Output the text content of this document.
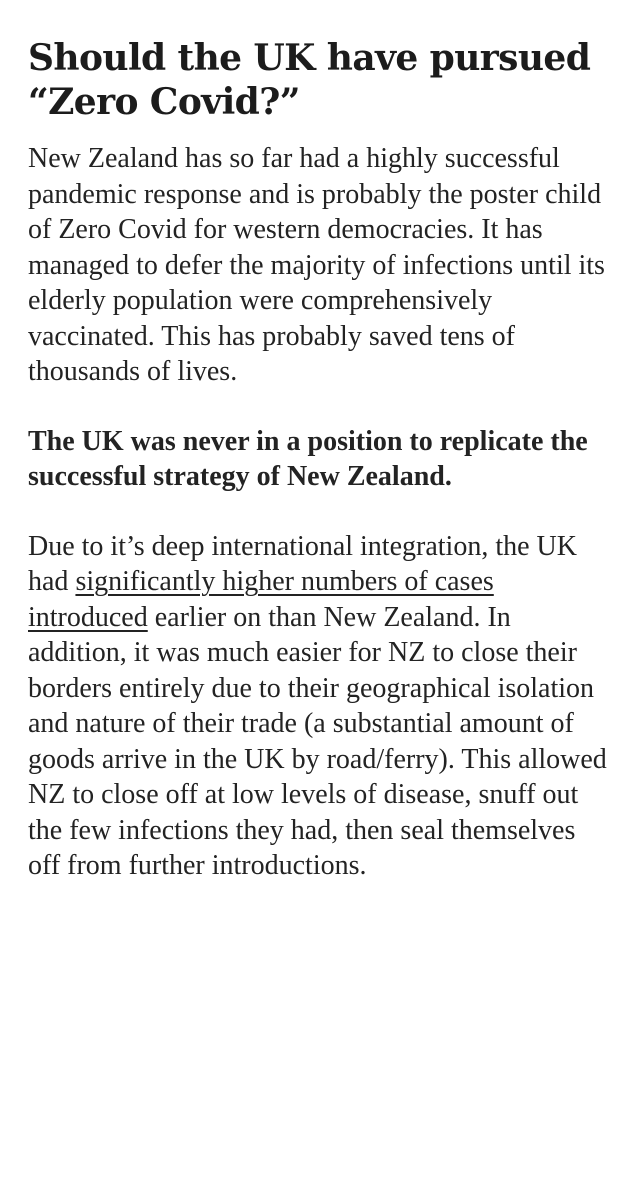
Should the UK have pursued
“Zero Covid?”

New Zealand has so far had a highly successful pandemic response and is probably the poster child of Zero Covid for western democracies. It has managed to defer the majority of infections until its elderly population were comprehensively vaccinated. This has probably saved tens of thousands of lives.

The UK was never in a position to replicate the successful strategy of New Zealand.

Due to it’s deep international integration, the UK had significantly higher numbers of cases introduced earlier on than New Zealand. In addition, it was much easier for NZ to close their borders entirely due to their geographical isolation and nature of their trade (a substantial amount of goods arrive in the UK by road/ferry). This allowed NZ to close off at low levels of disease, snuff out the few infections they had, then seal themselves off from further introductions.
